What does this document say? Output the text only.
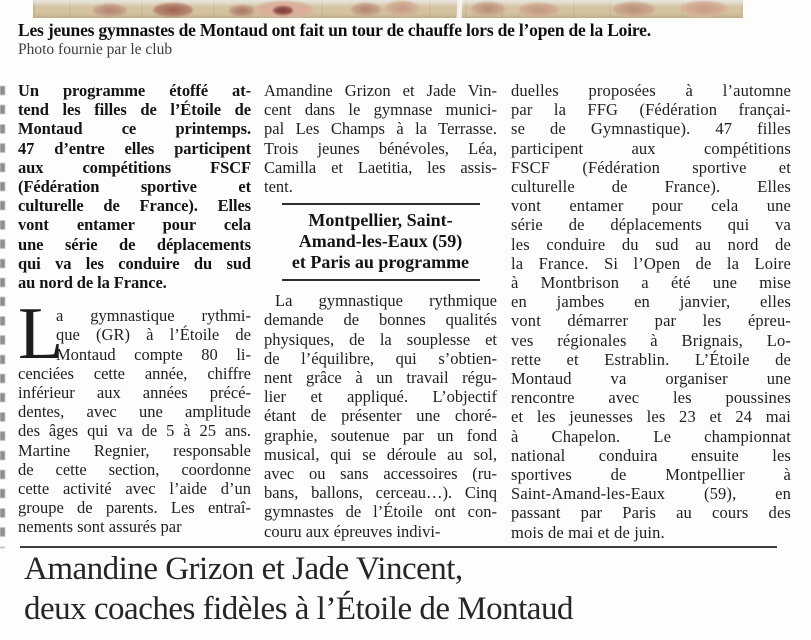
Les jeunes gymnastes de Montaud ont fait un tour de chauffe lors de l’open de la Loire.
Photo fournie par le club
Un programme étoffé at-
tend les filles de l’Étoile de
Montaud ce printemps.
47 d’entre elles participent
aux compétitions FSCF
(Fédération sportive et
culturelle de France). Elles
vont entamer pour cela
une série de déplacements
qui va les conduire du sud
au nord de la France.
L
a gymnastique rythmi-
que (GR) à l’Étoile de
Montaud compte 80 li-
cenciées cette année, chiffre
inférieur aux années précé-
dentes, avec une amplitude
des âges qui va de 5 à 25 ans.
Martine Regnier, responsable
de cette section, coordonne
cette activité avec l’aide d’un
groupe de parents. Les entraî-
nements sont assurés par
Amandine Grizon et Jade Vin-
cent dans le gymnase munici-
pal Les Champs à la Terrasse.
Trois jeunes bénévoles, Léa,
Camilla et Laetitia, les assis-
tent.
Montpellier, Saint-
Amand-les-Eaux (59)
et Paris au programme
La gymnastique rythmique
demande de bonnes qualités
physiques, de la souplesse et
de l’équilibre, qui s’obtien-
nent grâce à un travail régu-
lier et appliqué. L’objectif
étant de présenter une choré-
graphie, soutenue par un fond
musical, qui se déroule au sol,
avec ou sans accessoires (ru-
bans, ballons, cerceau…). Cinq
gymnastes de l’Étoile ont con-
couru aux épreuves indivi-
duelles proposées à l’automne
par la FFG (Fédération françai-
se de Gymnastique). 47 filles
participent aux compétitions
FSCF (Fédération sportive et
culturelle de France). Elles
vont entamer pour cela une
série de déplacements qui va
les conduire du sud au nord de
la France. Si l’Open de la Loire
à Montbrison a été une mise
en jambes en janvier, elles
vont démarrer par les épreu-
ves régionales à Brignais, Lo-
rette et Estrablin. L’Étoile de
Montaud va organiser une
rencontre avec les poussines
et les jeunesses les 23 et 24 mai
à Chapelon. Le championnat
national conduira ensuite les
sportives de Montpellier à
Saint-Amand-les-Eaux (59), en
passant par Paris au cours des
mois de mai et de juin.
Amandine Grizon et Jade Vincent,
deux coaches fidèles à l’Étoile de Montaud
